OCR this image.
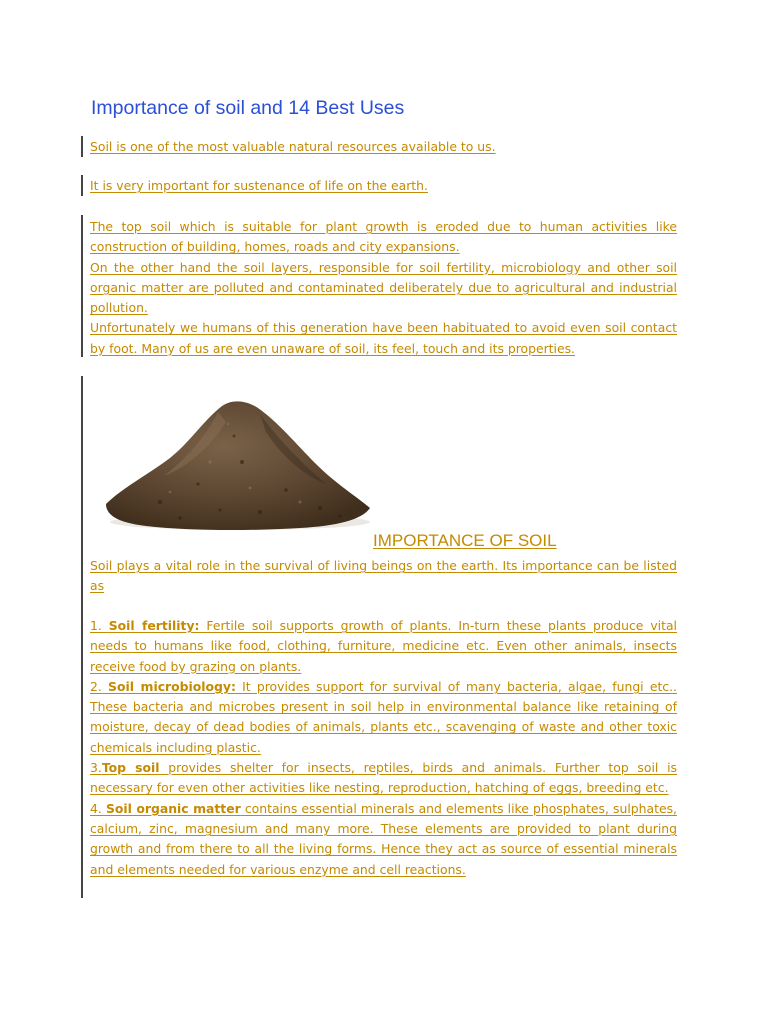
Importance of soil and 14 Best Uses

Soil is one of the most valuable natural resources available to us.

It is very important for sustenance of life on the earth.

The top soil which is suitable for plant growth is eroded due to human activities like construction of building, homes, roads and city expansions.
On the other hand the soil layers, responsible for soil fertility, microbiology and other soil organic matter are polluted and contaminated deliberately due to agricultural and industrial pollution.
Unfortunately we humans of this generation have been habituated to avoid even soil contact by foot. Many of us are even unaware of soil, its feel, touch and its properties.

IMPORTANCE OF SOIL

Soil plays a vital role in the survival of living beings on the earth. Its importance can be listed as

1. Soil fertility: Fertile soil supports growth of plants. In-turn these plants produce vital needs to humans like food, clothing, furniture, medicine etc. Even other animals, insects receive food by grazing on plants.
2. Soil microbiology: It provides support for survival of many bacteria, algae, fungi etc.. These bacteria and microbes present in soil help in environmental balance like retaining of moisture, decay of dead bodies of animals, plants etc., scavenging of waste and other toxic chemicals including plastic.
3.Top soil provides shelter for insects, reptiles, birds and animals. Further top soil is necessary for even other activities like nesting, reproduction, hatching of eggs, breeding etc.
4. Soil organic matter contains essential minerals and elements like phosphates, sulphates, calcium, zinc, magnesium and many more. These elements are provided to plant during growth and from there to all the living forms. Hence they act as source of essential minerals and elements needed for various enzyme and cell reactions.
